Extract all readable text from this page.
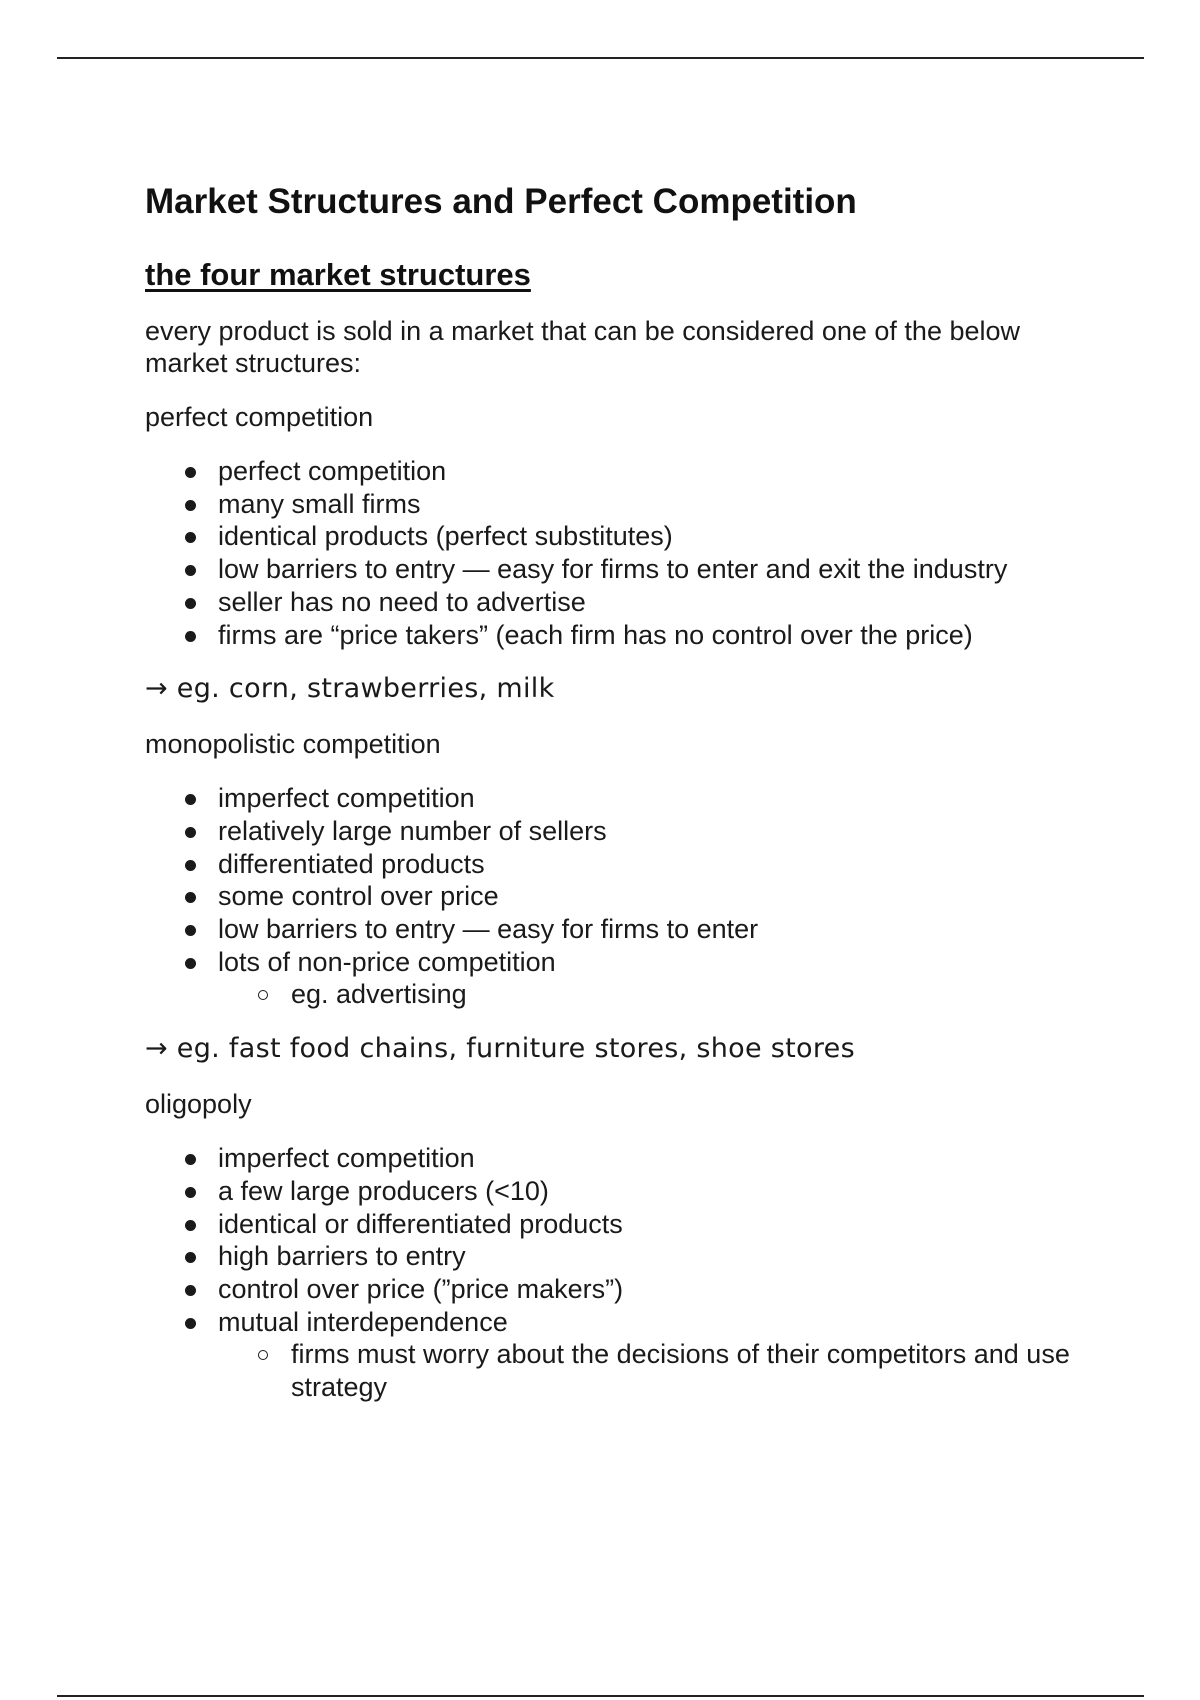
Market Structures and Perfect Competition
the four market structures

every product is sold in a market that can be considered one of the below market structures:

perfect competition

perfect competition
many small firms
identical products (perfect substitutes)
low barriers to entry — easy for firms to enter and exit the industry
seller has no need to advertise
firms are “price takers” (each firm has no control over the price)

→ eg. corn, strawberries, milk

monopolistic competition

imperfect competition
relatively large number of sellers
differentiated products
some control over price
low barriers to entry — easy for firms to enter
lots of non-price competition
eg. advertising

→ eg. fast food chains, furniture stores, shoe stores

oligopoly

imperfect competition
a few large producers (<10)
identical or differentiated products
high barriers to entry
control over price (”price makers”)
mutual interdependence
firms must worry about the decisions of their competitors and use strategy
